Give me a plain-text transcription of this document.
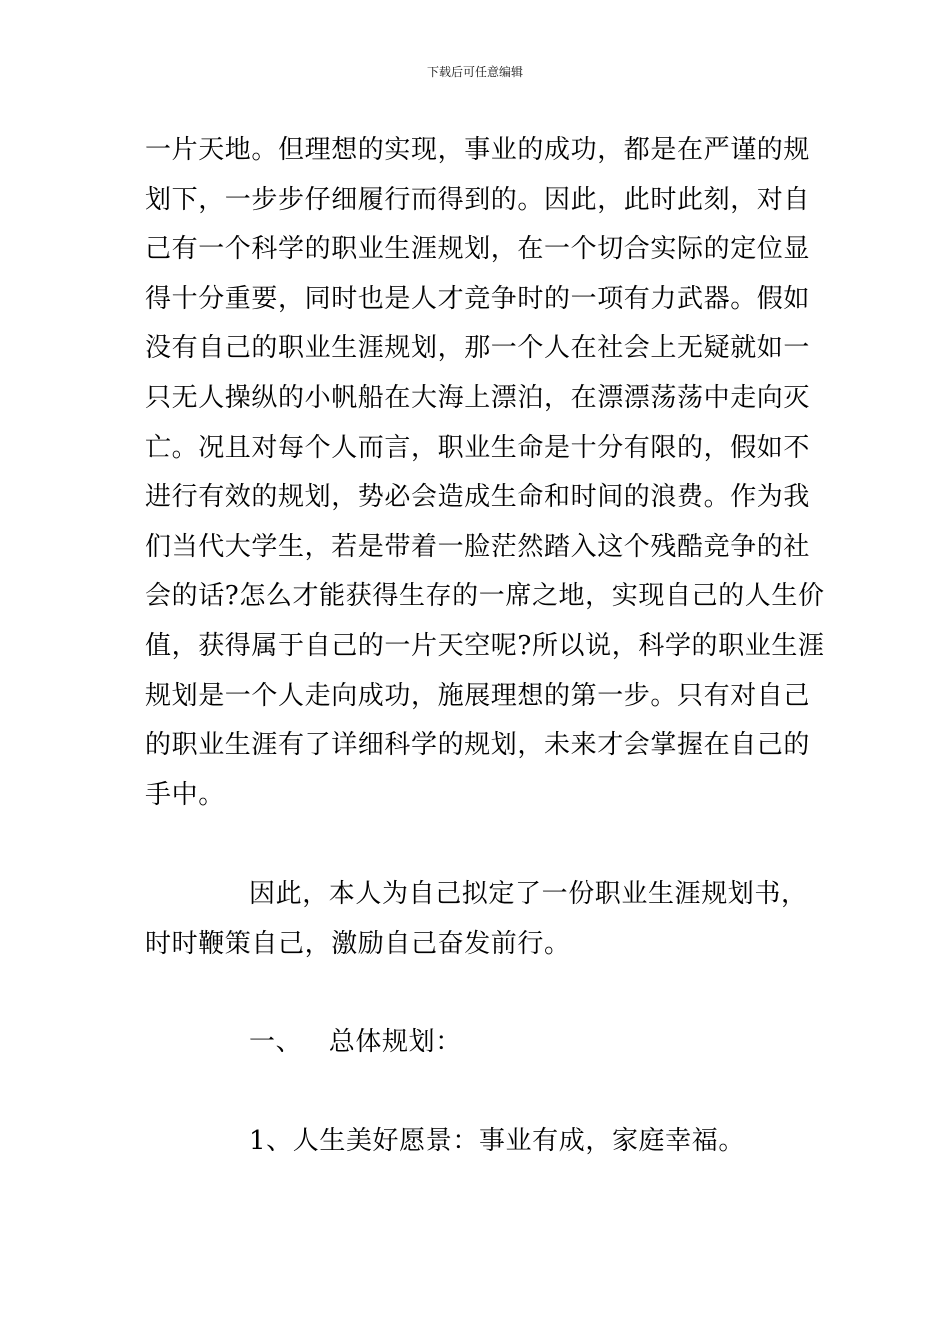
下载后可任意编辑
一片天地。但理想的实现，事业的成功，都是在严谨的规
划下，一步步仔细履行而得到的。因此，此时此刻，对自
己有一个科学的职业生涯规划，在一个切合实际的定位显
得十分重要，同时也是人才竞争时的一项有力武器。假如
没有自己的职业生涯规划，那一个人在社会上无疑就如一
只无人操纵的小帆船在大海上漂泊，在漂漂荡荡中走向灭
亡。况且对每个人而言，职业生命是十分有限的，假如不
进行有效的规划，势必会造成生命和时间的浪费。作为我
们当代大学生，若是带着一脸茫然踏入这个残酷竞争的社
会的话?怎么才能获得生存的一席之地，实现自己的人生价
值，获得属于自己的一片天空呢?所以说，科学的职业生涯
规划是一个人走向成功，施展理想的第一步。只有对自己
的职业生涯有了详细科学的规划，未来才会掌握在自己的
手中。
因此，本人为自己拟定了一份职业生涯规划书，
时时鞭策自己，激励自己奋发前行。
一、   总体规划：
1、人生美好愿景：事业有成，家庭幸福。
